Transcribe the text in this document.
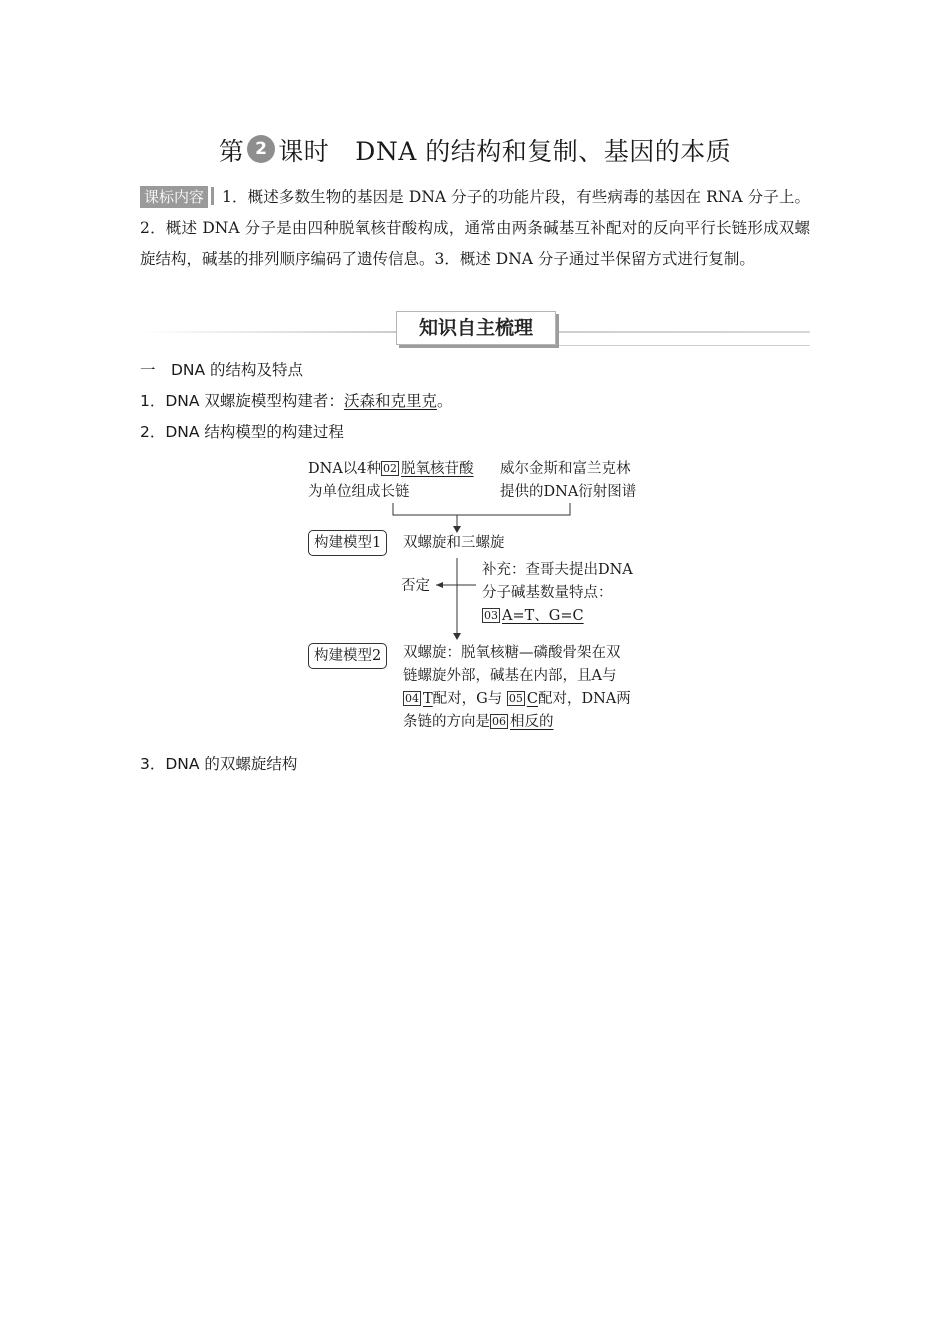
第 2 课时 DNA 的结构和复制、基因的本质
课标内容 1．概述多数生物的基因是 DNA 分子的功能片段，有些病毒的基因在 RNA 分子上。2．概述 DNA 分子是由四种脱氧核苷酸构成，通常由两条碱基互补配对的反向平行长链形成双螺旋结构，碱基的排列顺序编码了遗传信息。3．概述 DNA 分子通过半保留方式进行复制。
知识自主梳理
一　DNA 的结构及特点
1．DNA 双螺旋模型构建者：沃森和克里克。
2．DNA 结构模型的构建过程
DNA以4种 02 脱氧核苷酸
为单位组成长链
威尔金斯和富兰克林
提供的DNA衍射图谱
构建模型1	双螺旋和三螺旋
否定
补充：查哥夫提出DNA
分子碱基数量特点：
03 A=T、G=C
构建模型2	双螺旋：脱氧核糖—磷酸骨架在双
链螺旋外部，碱基在内部，且A与
04 T配对，G与 05 C配对，DNA两
条链的方向是 06 相反的
3．DNA 的双螺旋结构
